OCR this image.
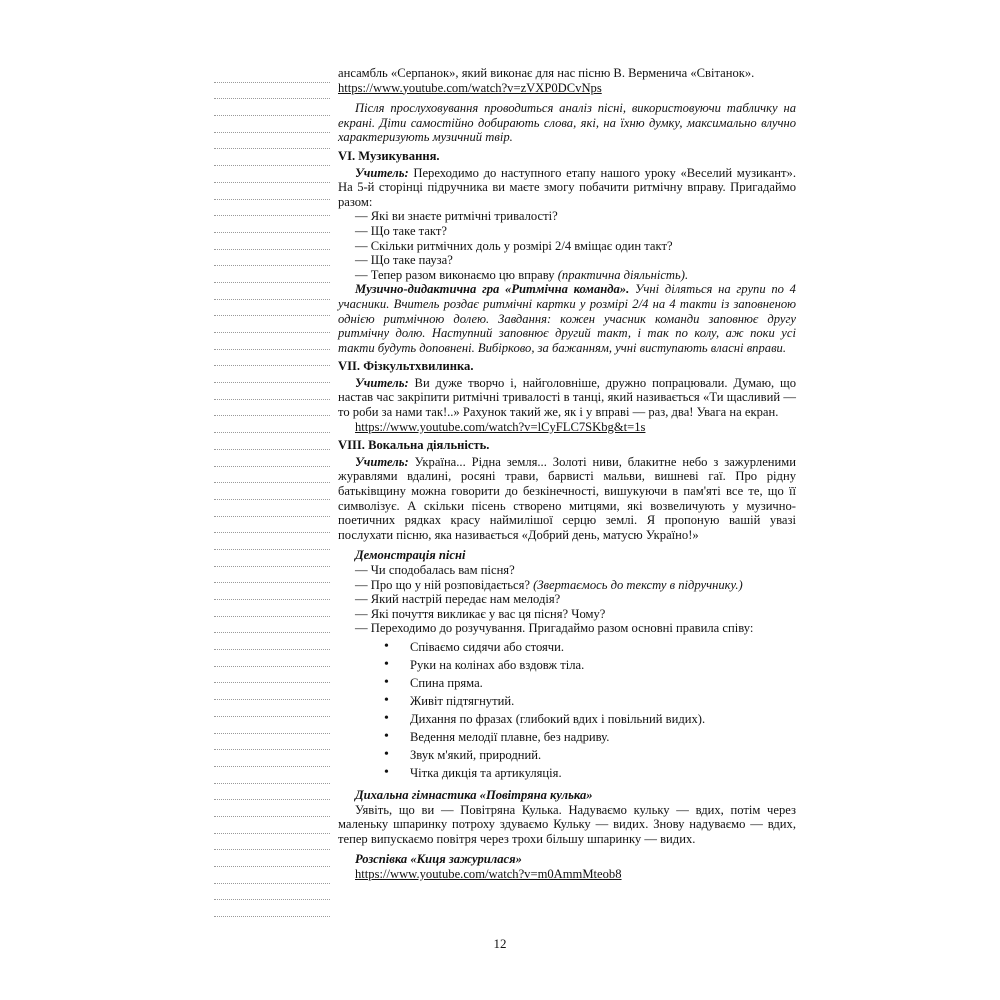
ансамбль «Серпанок», який виконає для нас пісню В. Верменича «Світанок».

https://www.youtube.com/watch?v=zVXP0DCvNps

Після прослуховування проводиться аналіз пісні, використовуючи табличку на екрані. Діти самостійно добирають слова, які, на їхню думку, максимально влучно характеризують музичний твір.

VI. Музикування.

Учитель: Переходимо до наступного етапу нашого уроку «Веселий музикант». На 5-й сторінці підручника ви маєте змогу побачити ритмічну вправу. Пригадаймо разом:

— Які ви знаєте ритмічні тривалості?

— Що таке такт?

— Скільки ритмічних доль у розмірі 2/4 вміщає один такт?

— Що таке пауза?

— Тепер разом виконаємо цю вправу (практична діяльність).

Музично-дидактична гра «Ритмічна команда». Учні діляться на групи по 4 учасники. Вчитель роздає ритмічні картки у розмірі 2/4 на 4 такти із заповненою однією ритмічною долею. Завдання: кожен учасник команди заповнює другу ритмічну долю. Наступний заповнює другий такт, і так по колу, аж поки усі такти будуть доповнені. Вибірково, за бажанням, учні виступають власні вправи.

VII. Фізкультхвилинка.

Учитель: Ви дуже творчо і, найголовніше, дружно попрацювали. Думаю, що настав час закріпити ритмічні тривалості в танці, який називається «Ти щасливий — то роби за нами так!..» Рахунок такий же, як і у вправі — раз, два! Увага на екран.

https://www.youtube.com/watch?v=lCyFLC7SKbg&t=1s

VIII. Вокальна діяльність.

Учитель: Україна... Рідна земля... Золоті ниви, блакитне небо з зажурленими журавлями вдалині, росяні трави, барвисті мальви, вишневі гаї. Про рідну батьківщину можна говорити до безкінечності, вишукуючи в пам'яті все те, що її символізує. А скільки пісень створено митцями, які возвеличують у музично-поетичних рядках красу наймилішої серцю землі. Я пропоную вашій увазі послухати пісню, яка називається «Добрий день, матусю Україно!»

Демонстрація пісні

— Чи сподобалась вам пісня?

— Про що у ній розповідається? (Звертаємось до тексту в підручнику.)

— Який настрій передає нам мелодія?

— Які почуття викликає у вас ця пісня? Чому?

— Переходимо до розучування. Пригадаймо разом основні правила співу:

• Співаємо сидячи або стоячи.
• Руки на колінах або вздовж тіла.
• Спина пряма.
• Живіт підтягнутий.
• Дихання по фразах (глибокий вдих і повільний видих).
• Ведення мелодії плавне, без надриву.
• Звук м'який, природний.
• Чітка дикція та артикуляція.

Дихальна гімнастика «Повітряна кулька»

Уявіть, що ви — Повітряна Кулька. Надуваємо кульку — вдих, потім через маленьку шпаринку потроху здуваємо Кульку — видих. Знову надуваємо — вдих, тепер випускаємо повітря через трохи більшу шпаринку — видих.

Розспівка «Киця зажурилася»

https://www.youtube.com/watch?v=m0AmmMteob8

12
